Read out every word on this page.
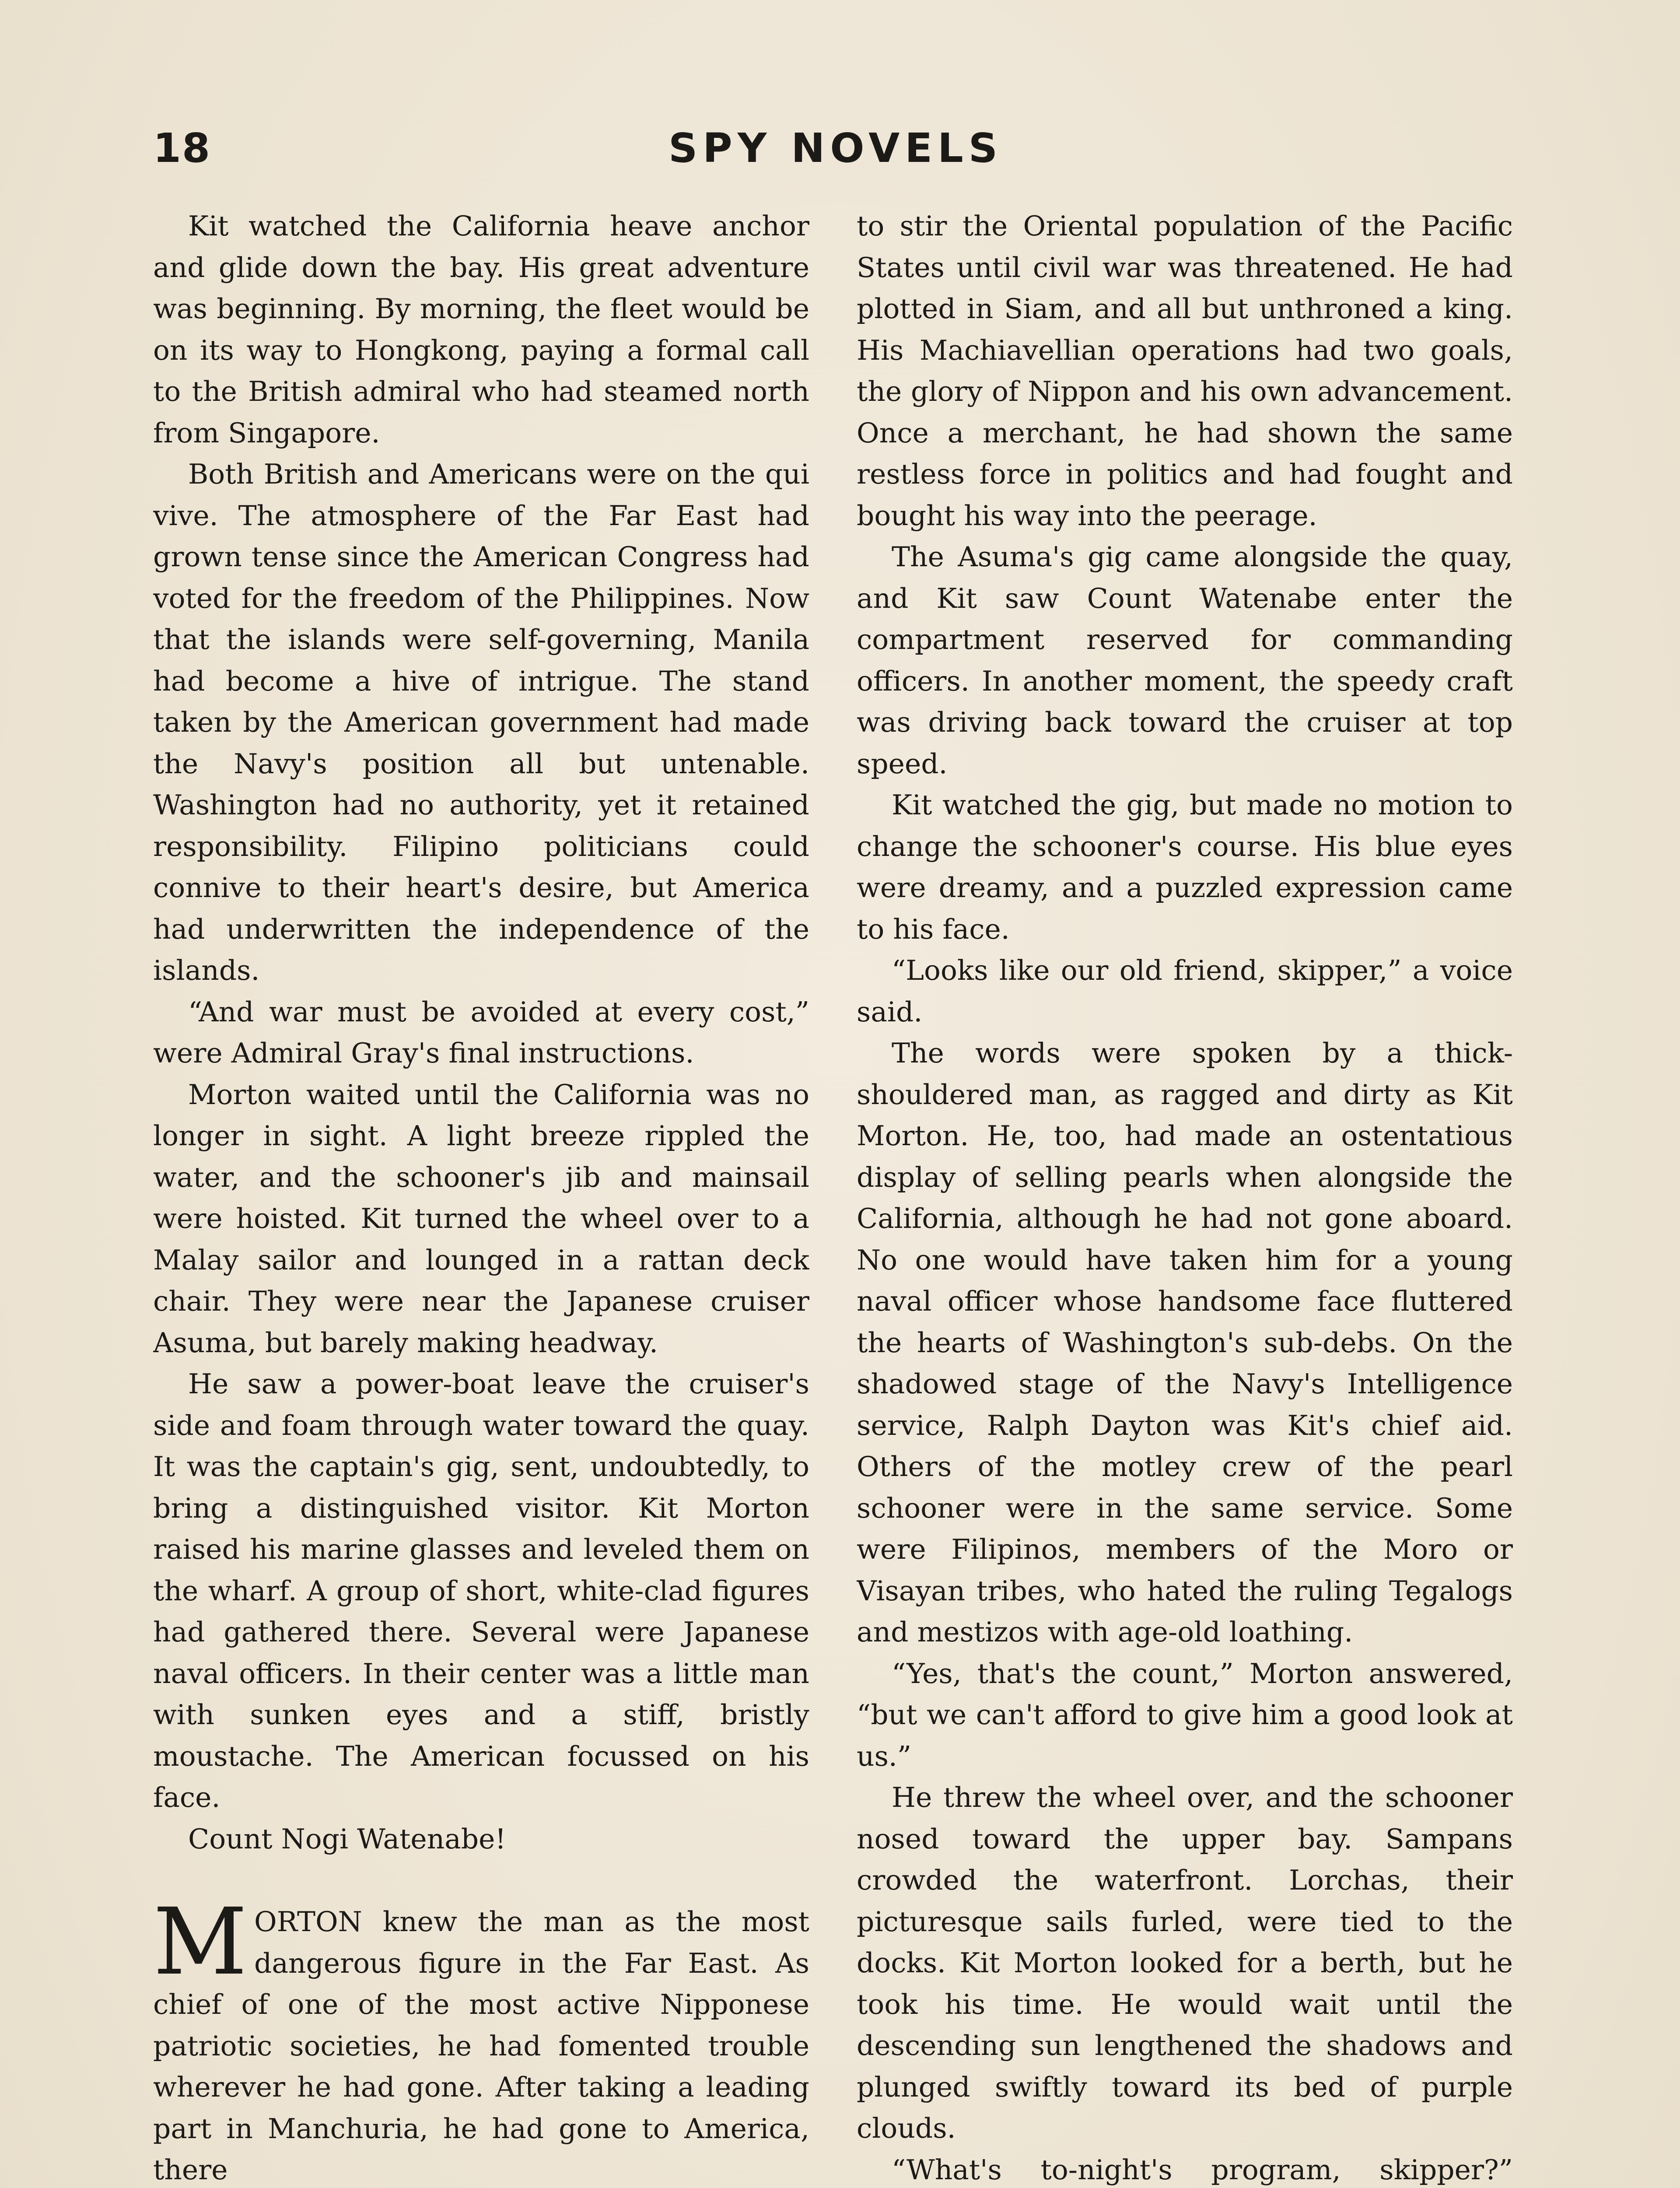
18	SPY NOVELS

Kit watched the California heave anchor and glide down the bay. His great adventure was beginning. By morning, the fleet would be on its way to Hongkong, paying a formal call to the British admiral who had steamed north from Singapore.

Both British and Americans were on the qui vive. The atmosphere of the Far East had grown tense since the American Congress had voted for the freedom of the Philippines. Now that the islands were self-governing, Manila had become a hive of intrigue. The stand taken by the American government had made the Navy's position all but untenable. Washington had no authority, yet it retained responsibility. Filipino politicians could connive to their heart's desire, but America had underwritten the independence of the islands.

“And war must be avoided at every cost,” were Admiral Gray's final instructions.

Morton waited until the California was no longer in sight. A light breeze rippled the water, and the schooner's jib and mainsail were hoisted. Kit turned the wheel over to a Malay sailor and lounged in a rattan deck chair. They were near the Japanese cruiser Asuma, but barely making headway.

He saw a power-boat leave the cruiser's side and foam through water toward the quay. It was the captain's gig, sent, undoubtedly, to bring a distinguished visitor. Kit Morton raised his marine glasses and leveled them on the wharf. A group of short, white-clad figures had gathered there. Several were Japanese naval officers. In their center was a little man with sunken eyes and a stiff, bristly moustache. The American focussed on his face.

Count Nogi Watenabe!

MORTON knew the man as the most dangerous figure in the Far East. As chief of one of the most active Nipponese patriotic societies, he had fomented trouble wherever he had gone. After taking a leading part in Manchuria, he had gone to America, there

to stir the Oriental population of the Pacific States until civil war was threatened. He had plotted in Siam, and all but unthroned a king. His Machiavellian operations had two goals, the glory of Nippon and his own advancement. Once a merchant, he had shown the same restless force in politics and had fought and bought his way into the peerage.

The Asuma's gig came alongside the quay, and Kit saw Count Watenabe enter the compartment reserved for commanding officers. In another moment, the speedy craft was driving back toward the cruiser at top speed.

Kit watched the gig, but made no motion to change the schooner's course. His blue eyes were dreamy, and a puzzled expression came to his face.

“Looks like our old friend, skipper,” a voice said.

The words were spoken by a thick-shouldered man, as ragged and dirty as Kit Morton. He, too, had made an ostentatious display of selling pearls when alongside the California, although he had not gone aboard. No one would have taken him for a young naval officer whose handsome face fluttered the hearts of Washington's sub-debs. On the shadowed stage of the Navy's Intelligence service, Ralph Dayton was Kit's chief aid. Others of the motley crew of the pearl schooner were in the same service. Some were Filipinos, members of the Moro or Visayan tribes, who hated the ruling Tegalogs and mestizos with age-old loathing.

“Yes, that's the count,” Morton answered, “but we can't afford to give him a good look at us.”

He threw the wheel over, and the schooner nosed toward the upper bay. Sampans crowded the waterfront. Lorchas, their picturesque sails furled, were tied to the docks. Kit Morton looked for a berth, but he took his time. He would wait until the descending sun lengthened the shadows and plunged swiftly toward its bed of purple clouds.

“What's to-night's program, skipper?”
